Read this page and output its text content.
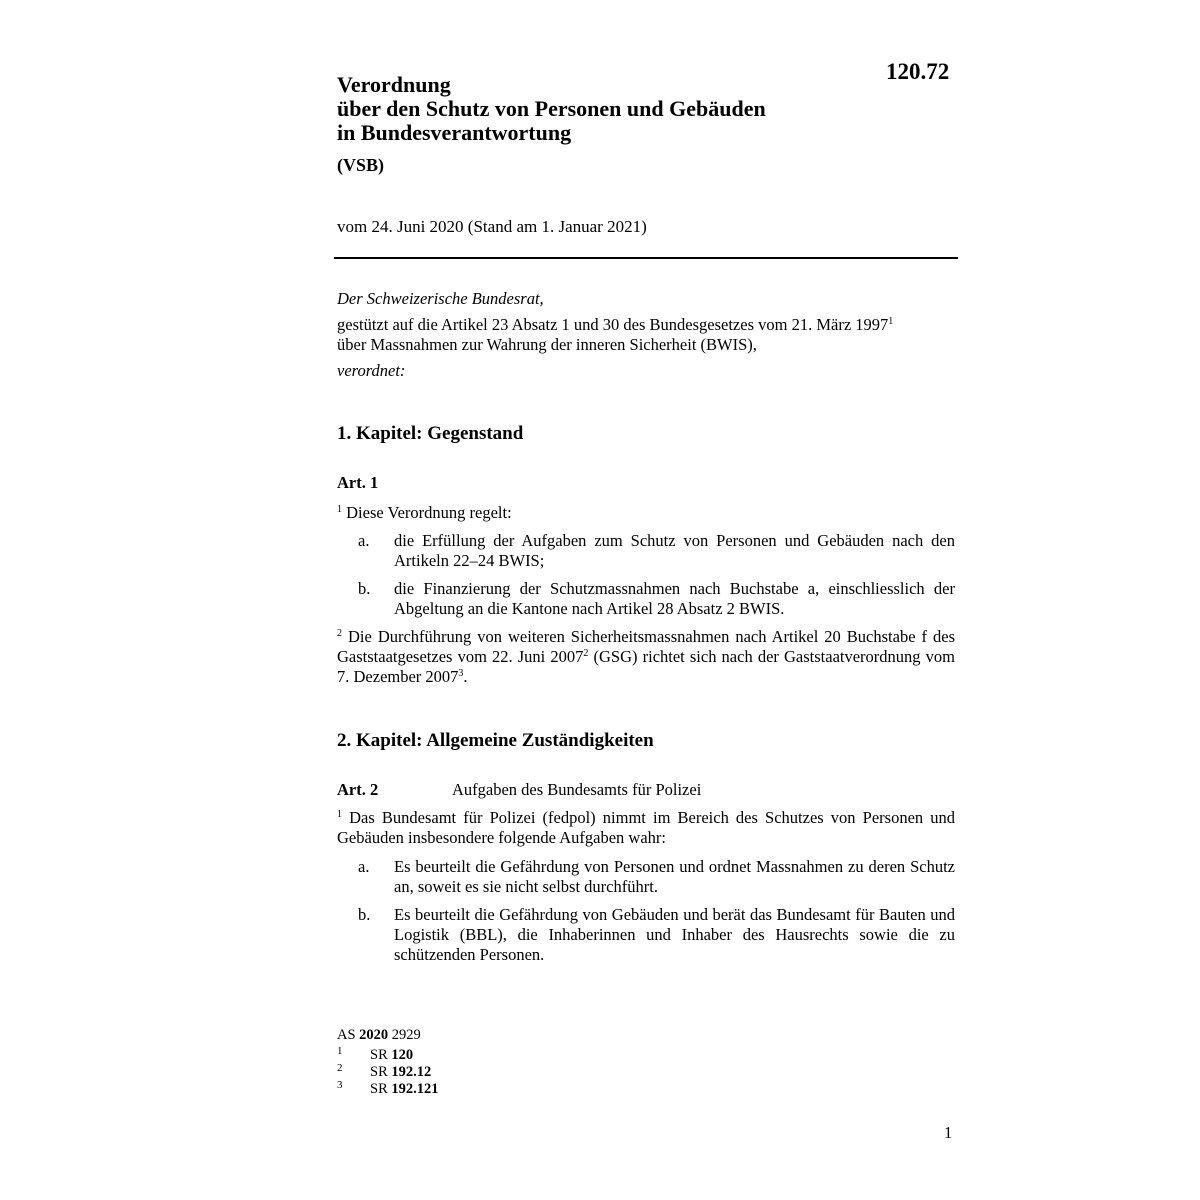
120.72
Verordnung
über den Schutz von Personen und Gebäuden
in Bundesverantwortung
(VSB)
vom 24. Juni 2020 (Stand am 1. Januar 2021)
Der Schweizerische Bundesrat,
gestützt auf die Artikel 23 Absatz 1 und 30 des Bundesgesetzes vom 21. März 1997$^1$
über Massnahmen zur Wahrung der inneren Sicherheit (BWIS),
verordnet:
1. Kapitel: Gegenstand
Art. 1
$^1$ Diese Verordnung regelt:
a. die Erfüllung der Aufgaben zum Schutz von Personen und Gebäuden nach den Artikeln 22–24 BWIS;
b. die Finanzierung der Schutzmassnahmen nach Buchstabe a, einschliesslich der Abgeltung an die Kantone nach Artikel 28 Absatz 2 BWIS.
$^2$ Die Durchführung von weiteren Sicherheitsmassnahmen nach Artikel 20 Buchstabe f des Gaststaatgesetzes vom 22. Juni 2007$^2$ (GSG) richtet sich nach der Gaststaatverordnung vom 7. Dezember 2007$^3$.
2. Kapitel: Allgemeine Zuständigkeiten
Art. 2	Aufgaben des Bundesamts für Polizei
$^1$ Das Bundesamt für Polizei (fedpol) nimmt im Bereich des Schutzes von Personen und Gebäuden insbesondere folgende Aufgaben wahr:
a. Es beurteilt die Gefährdung von Personen und ordnet Massnahmen zu deren Schutz an, soweit es sie nicht selbst durchführt.
b. Es beurteilt die Gefährdung von Gebäuden und berät das Bundesamt für Bauten und Logistik (BBL), die Inhaberinnen und Inhaber des Hausrechts sowie die zu schützenden Personen.
AS 2020 2929
1 SR 120
2 SR 192.12
3 SR 192.121
1
